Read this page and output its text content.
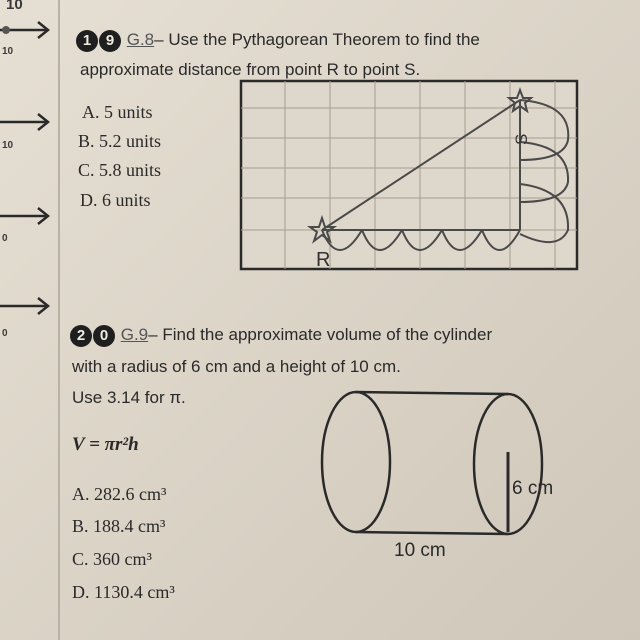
10
10
10
0
0
1 9 G.8– Use the Pythagorean Theorem to find the
approximate distance from point R to point S.
A. 5 units
B. 5.2 units
C. 5.8 units
D. 6 units
R
S
2 0 G.9– Find the approximate volume of the cylinder
with a radius of 6 cm and a height of 10 cm.
Use 3.14 for π.
V = πr²h
A. 282.6 cm³
B. 188.4 cm³
C. 360 cm³
D. 1130.4 cm³
6 cm
10 cm
